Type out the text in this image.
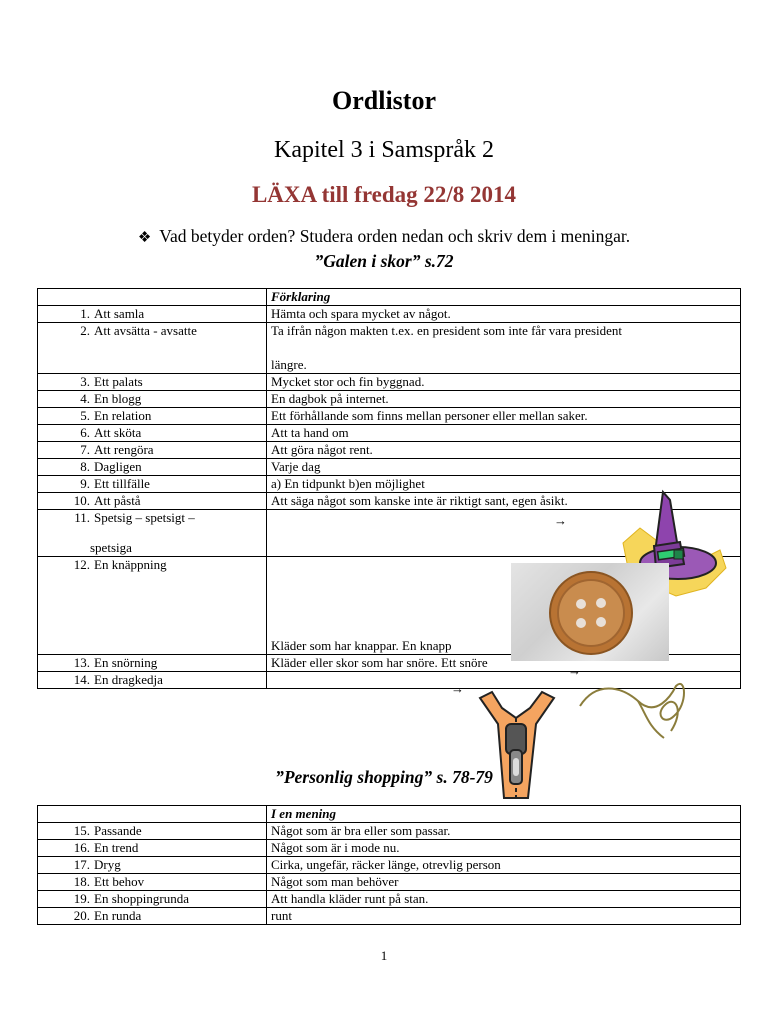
Ordlistor
Kapitel 3 i Samspråk 2
LÄXA till fredag 22/8 2014
❖ Vad betyder orden? Studera orden nedan och skriv dem i meningar.
”Galen i skor” s.72
	Förklaring
1. Att samla	Hämta och spara mycket av något.
2. Att avsätta - avsatte	Ta ifrån någon makten t.ex. en president som inte får vara president
längre.

3. Ett palats	Mycket stor och fin byggnad.
4. En blogg	En dagbok på internet.
5. En relation	Ett förhållande som finns mellan personer eller mellan saker.
6. Att sköta	Att ta hand om
7. Att rengöra	Att göra något rent.
8. Dagligen	Varje dag
9. Ett tillfälle	a) En tidpunkt b)en möjlighet
10. Att påstå	Att säga något som kanske inte är riktigt sant, egen åsikt.

11. Spetsig – spetsigt –
spetsiga	

12. En knäppning	Kläder som har knappar. En knapp
13. En snörning	Kläder eller skor som har snöre. Ett snöre
14. En dragkedja	
→
→
→
”Personlig shopping” s. 78-79
	I en mening
15. Passande	Något som är bra eller som passar.
16. En trend	Något som är i mode nu.
17. Dryg	Cirka, ungefär, räcker länge, otrevlig person
18. Ett behov	Något som man behöver
19. En shoppingrunda	Att handla kläder runt på stan.
20. En runda	runt
1
